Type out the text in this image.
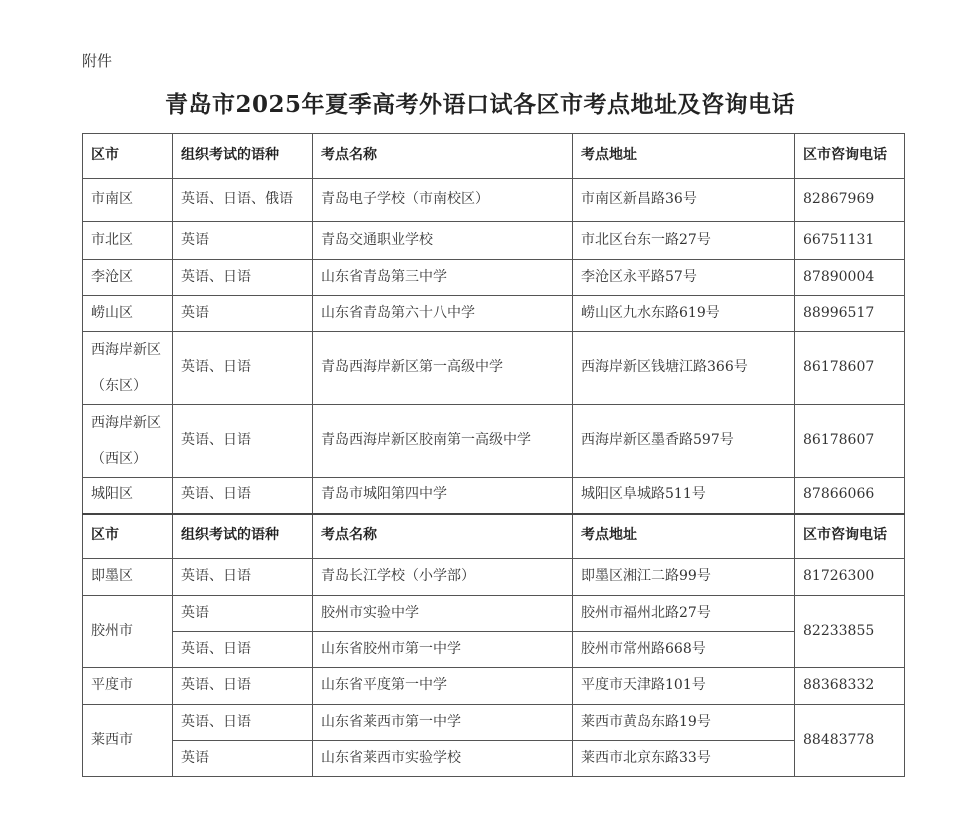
附件
青岛市2025年夏季高考外语口试各区市考点地址及咨询电话
区市	组织考试的语种	考点名称	考点地址	区市咨询电话
市南区	英语、日语、俄语	青岛电子学校（市南校区）	市南区新昌路36号	82867969
市北区	英语	青岛交通职业学校	市北区台东一路27号	66751131
李沧区	英语、日语	山东省青岛第三中学	李沧区永平路57号	87890004
崂山区	英语	山东省青岛第六十八中学	崂山区九水东路619号	88996517
西海岸新区（东区）	英语、日语	青岛西海岸新区第一高级中学	西海岸新区钱塘江路366号	86178607
西海岸新区（西区）	英语、日语	青岛西海岸新区胶南第一高级中学	西海岸新区墨香路597号	86178607
城阳区	英语、日语	青岛市城阳第四中学	城阳区阜城路511号	87866066
区市	组织考试的语种	考点名称	考点地址	区市咨询电话
即墨区	英语、日语	青岛长江学校（小学部）	即墨区湘江二路99号	81726300
胶州市	英语	胶州市实验中学	胶州市福州北路27号	82233855
	英语、日语	山东省胶州市第一中学	胶州市常州路668号	
平度市	英语、日语	山东省平度第一中学	平度市天津路101号	88368332
莱西市	英语、日语	山东省莱西市第一中学	莱西市黄岛东路19号	88483778
	英语	山东省莱西市实验学校	莱西市北京东路33号	
